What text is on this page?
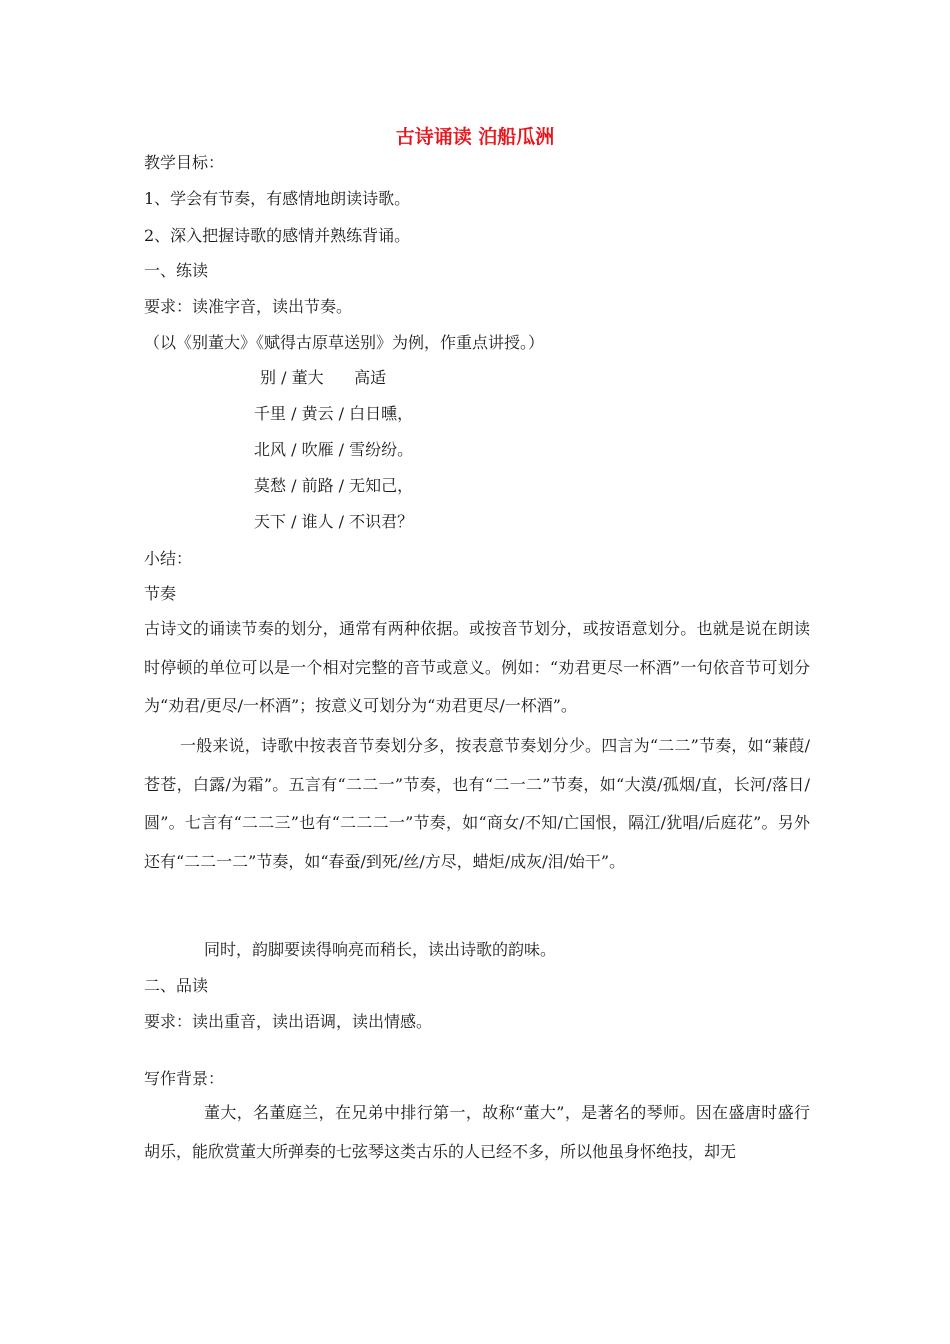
古诗诵读 泊船瓜洲
教学目标：
1、学会有节奏，有感情地朗读诗歌。
2、深入把握诗歌的感情并熟练背诵。
一、练读
要求：读准字音，读出节奏。
（以《别董大》《赋得古原草送别》为例，作重点讲授。）
别 / 董大      高适
千里 / 黄云 / 白日曛，
北风 / 吹雁 / 雪纷纷。
莫愁 / 前路 / 无知己，
天下 / 谁人 / 不识君？
小结：
节奏
古诗文的诵读节奏的划分，通常有两种依据。或按音节划分，或按语意划分。也就是说在朗读时停顿的单位可以是一个相对完整的音节或意义。例如：“劝君更尽一杯酒”一句依音节可划分为“劝君/更尽/一杯酒”；按意义可划分为“劝君更尽/一杯酒”。
一般来说，诗歌中按表音节奏划分多，按表意节奏划分少。四言为“二二”节奏，如“蒹葭/苍苍，白露/为霜”。五言有“二二一”节奏，也有“二一二”节奏，如“大漠/孤烟/直，长河/落日/圆”。七言有“二二三”也有“二二二一”节奏，如“商女/不知/亡国恨，隔江/犹唱/后庭花”。另外还有“二二一二”节奏，如“春蚕/到死/丝/方尽，蜡炬/成灰/泪/始干”。
同时，韵脚要读得响亮而稍长，读出诗歌的韵味。
二、品读
要求：读出重音，读出语调，读出情感。
写作背景：
董大，名董庭兰，在兄弟中排行第一，故称“董大”，是著名的琴师。因在盛唐时盛行胡乐，能欣赏董大所弹奏的七弦琴这类古乐的人已经不多，所以他虽身怀绝技，却无
